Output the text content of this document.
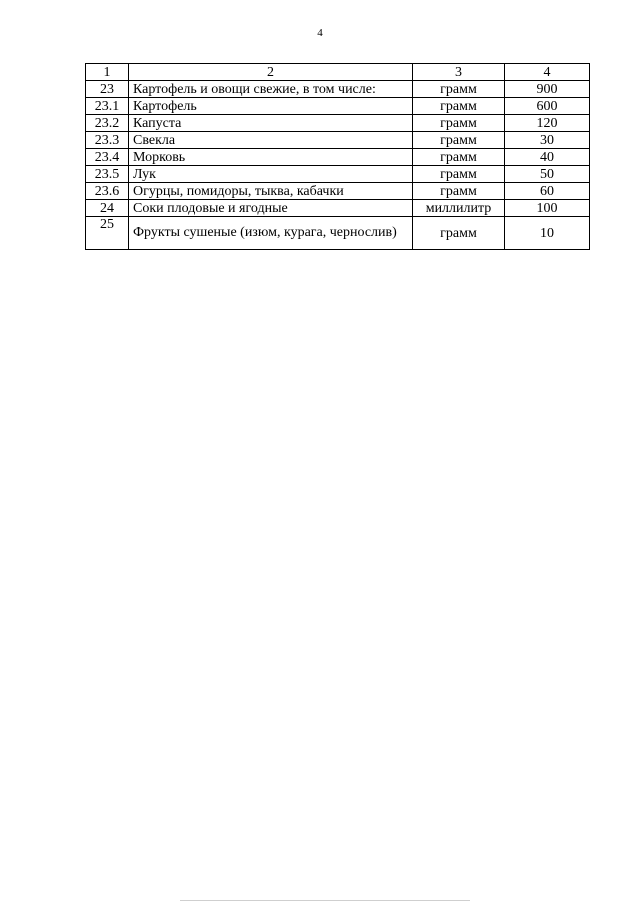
4
1	2	3	4
23	Картофель и овощи свежие, в том числе:	грамм	900
23.1	Картофель	грамм	600
23.2	Капуста	грамм	120
23.3	Свекла	грамм	30
23.4	Морковь	грамм	40
23.5	Лук	грамм	50
23.6	Огурцы, помидоры, тыква, кабачки	грамм	60
24	Соки плодовые и ягодные	миллилитр	100
25	Фрукты сушеные (изюм, курага, чернослив)	грамм	10
